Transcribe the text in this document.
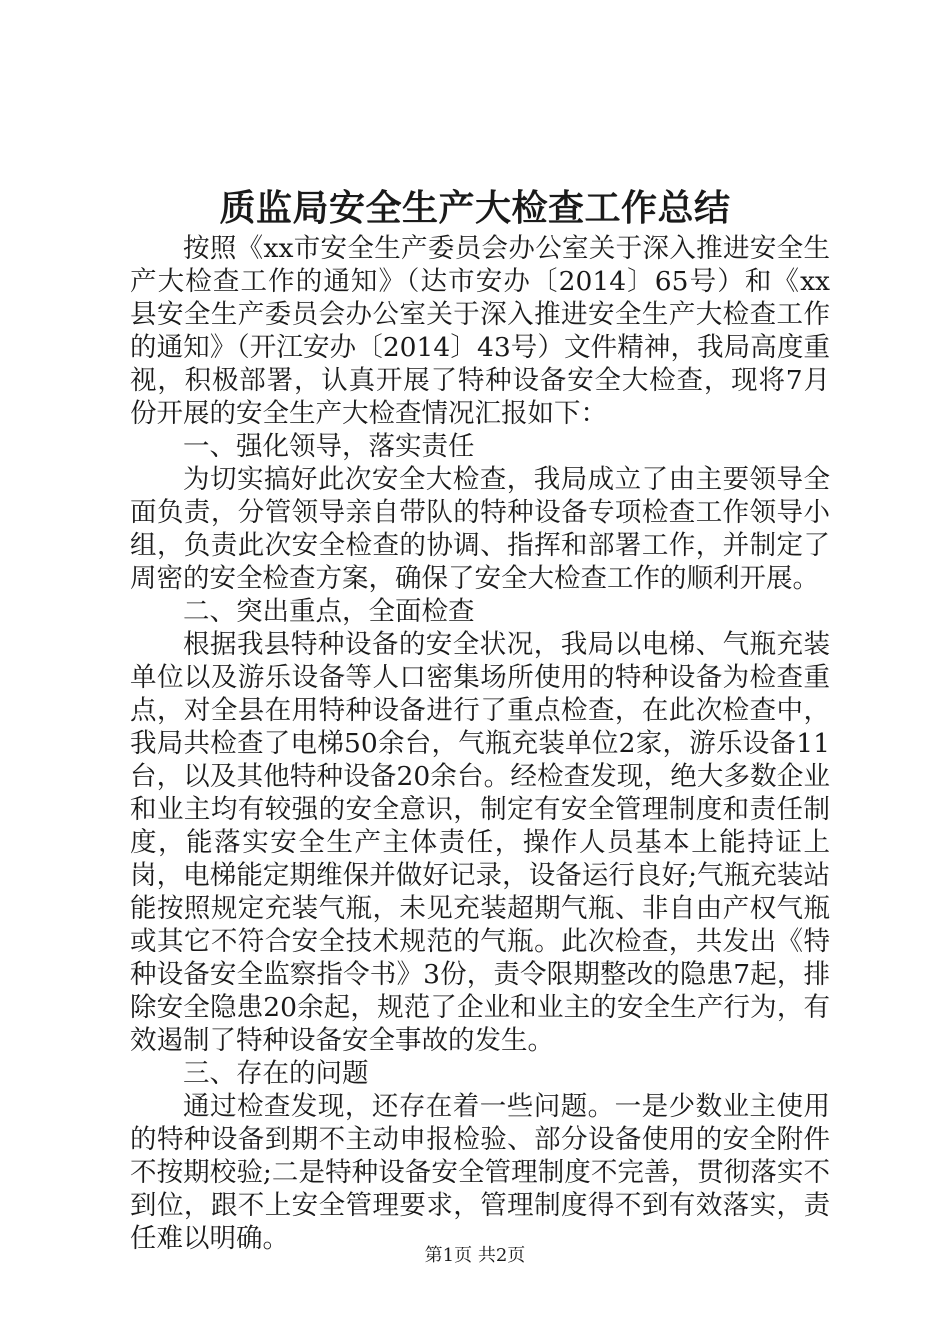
质监局安全生产大检查工作总结

按照《xx市安全生产委员会办公室关于深入推进安全生产大检查工作的通知》（达市安办〔2014〕65号）和《xx县安全生产委员会办公室关于深入推进安全生产大检查工作的通知》（开江安办〔2014〕43号）文件精神，我局高度重视，积极部署，认真开展了特种设备安全大检查，现将7月份开展的安全生产大检查情况汇报如下：

一、强化领导，落实责任

为切实搞好此次安全大检查，我局成立了由主要领导全面负责，分管领导亲自带队的特种设备专项检查工作领导小组，负责此次安全检查的协调、指挥和部署工作，并制定了周密的安全检查方案，确保了安全大检查工作的顺利开展。

二、突出重点，全面检查

根据我县特种设备的安全状况，我局以电梯、气瓶充装单位以及游乐设备等人口密集场所使用的特种设备为检查重点，对全县在用特种设备进行了重点检查，在此次检查中，我局共检查了电梯50余台，气瓶充装单位2家，游乐设备11台，以及其他特种设备20余台。经检查发现，绝大多数企业和业主均有较强的安全意识，制定有安全管理制度和责任制度，能落实安全生产主体责任，操作人员基本上能持证上岗，电梯能定期维保并做好记录，设备运行良好;气瓶充装站能按照规定充装气瓶，未见充装超期气瓶、非自由产权气瓶或其它不符合安全技术规范的气瓶。此次检查，共发出《特种设备安全监察指令书》3份，责令限期整改的隐患7起，排除安全隐患20余起，规范了企业和业主的安全生产行为，有效遏制了特种设备安全事故的发生。

三、存在的问题

通过检查发现，还存在着一些问题。一是少数业主使用的特种设备到期不主动申报检验、部分设备使用的安全附件不按期校验;二是特种设备安全管理制度不完善，贯彻落实不到位，跟不上安全管理要求，管理制度得不到有效落实，责任难以明确。

第1页 共2页
